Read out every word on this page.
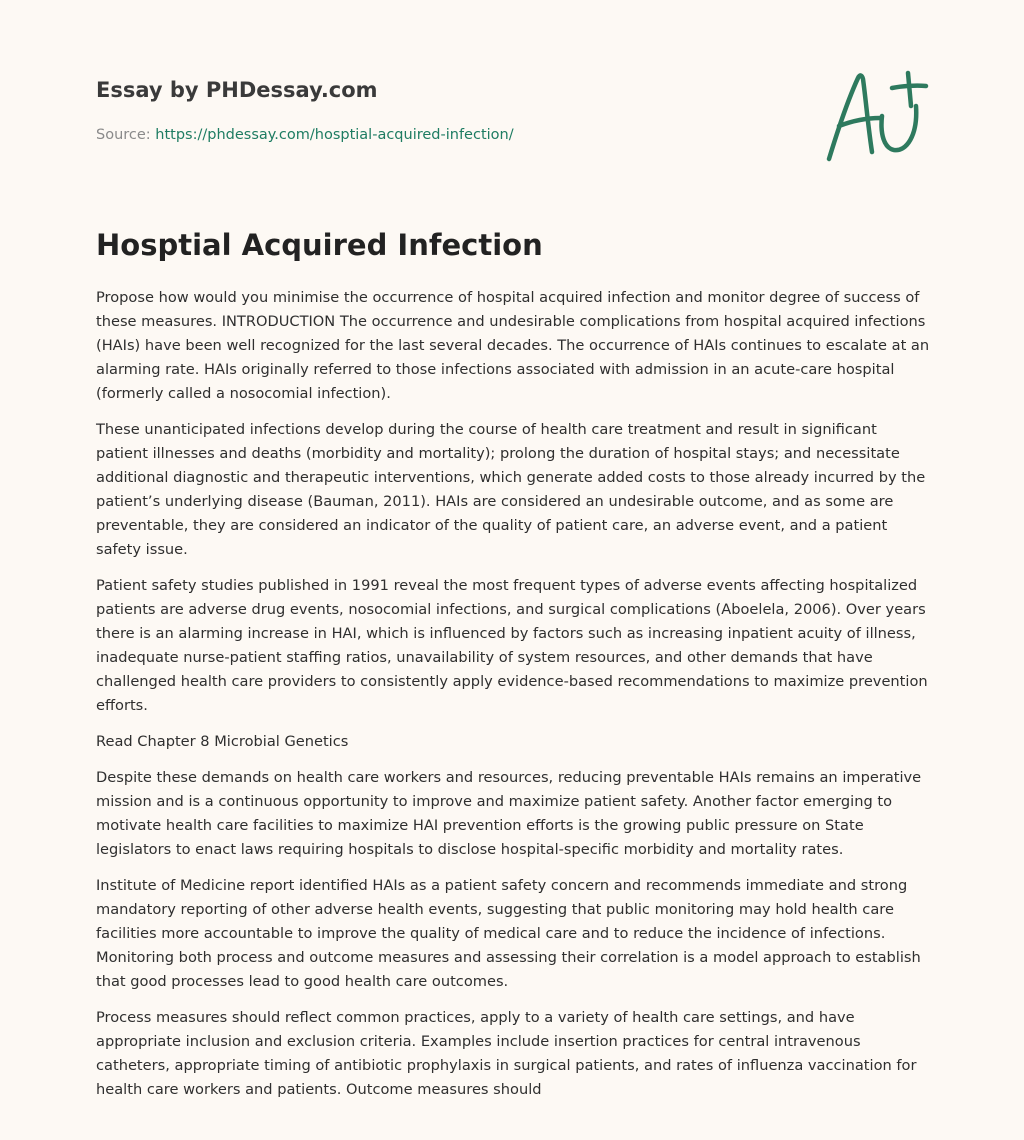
Essay by PHDessay.com
Source: https://phdessay.com/hosptial-acquired-infection/
Hosptial Acquired Infection

Propose how would you minimise the occurrence of hospital acquired infection and monitor degree of success of these measures. INTRODUCTION The occurrence and undesirable complications from hospital acquired infections (HAIs) have been well recognized for the last several decades. The occurrence of HAIs continues to escalate at an alarming rate. HAIs originally referred to those infections associated with admission in an acute-care hospital (formerly called a nosocomial infection).

These unanticipated infections develop during the course of health care treatment and result in significant patient illnesses and deaths (morbidity and mortality); prolong the duration of hospital stays; and necessitate additional diagnostic and therapeutic interventions, which generate added costs to those already incurred by the patient’s underlying disease (Bauman, 2011). HAIs are considered an undesirable outcome, and as some are preventable, they are considered an indicator of the quality of patient care, an adverse event, and a patient safety issue.

Patient safety studies published in 1991 reveal the most frequent types of adverse events affecting hospitalized patients are adverse drug events, nosocomial infections, and surgical complications (Aboelela, 2006). Over years there is an alarming increase in HAI, which is influenced by factors such as increasing inpatient acuity of illness, inadequate nurse-patient staffing ratios, unavailability of system resources, and other demands that have challenged health care providers to consistently apply evidence-based recommendations to maximize prevention efforts.

Read Chapter 8 Microbial Genetics

Despite these demands on health care workers and resources, reducing preventable HAIs remains an imperative mission and is a continuous opportunity to improve and maximize patient safety. Another factor emerging to motivate health care facilities to maximize HAI prevention efforts is the growing public pressure on State legislators to enact laws requiring hospitals to disclose hospital-specific morbidity and mortality rates.

Institute of Medicine report identified HAIs as a patient safety concern and recommends immediate and strong mandatory reporting of other adverse health events, suggesting that public monitoring may hold health care facilities more accountable to improve the quality of medical care and to reduce the incidence of infections. Monitoring both process and outcome measures and assessing their correlation is a model approach to establish that good processes lead to good health care outcomes.

Process measures should reflect common practices, apply to a variety of health care settings, and have appropriate inclusion and exclusion criteria. Examples include insertion practices for central intravenous catheters, appropriate timing of antibiotic prophylaxis in surgical patients, and rates of influenza vaccination for health care workers and patients. Outcome measures should
